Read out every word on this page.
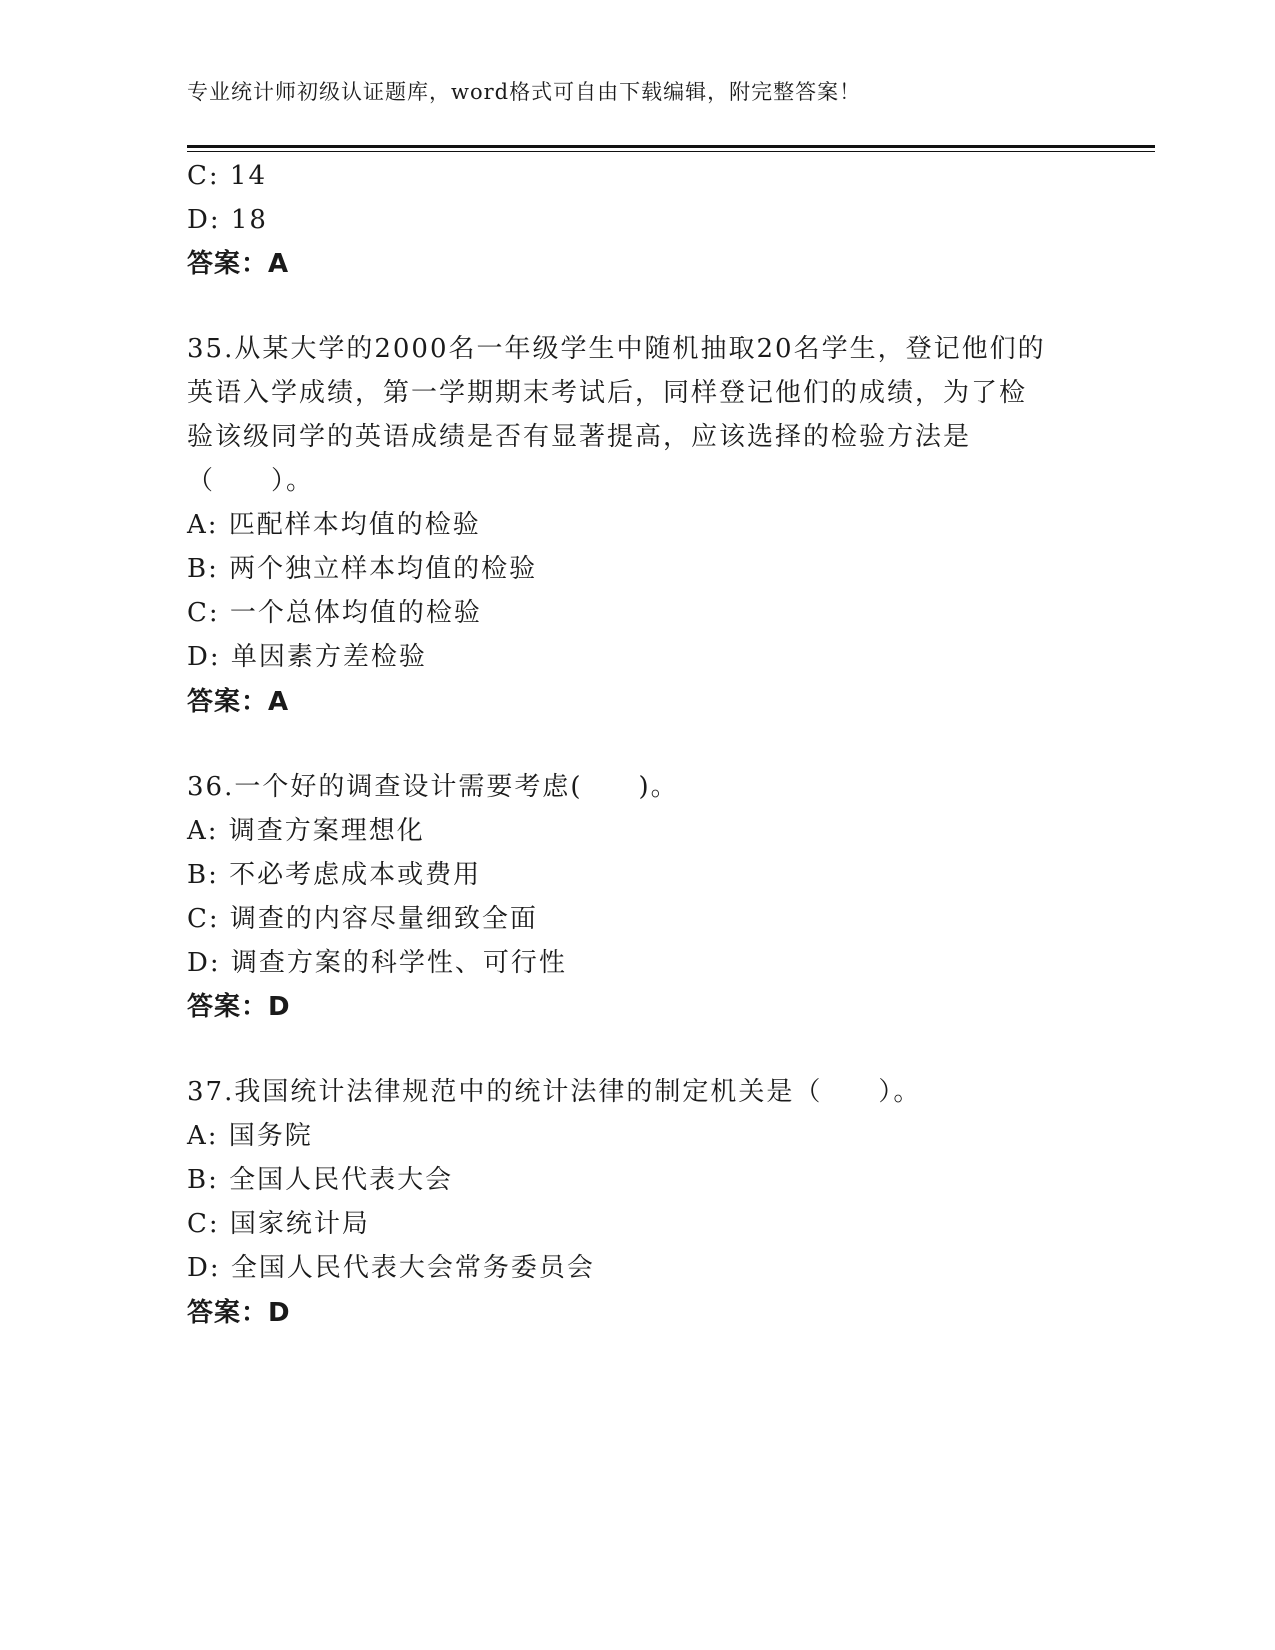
专业统计师初级认证题库，word格式可自由下载编辑，附完整答案！
C: 14
D: 18
答案：A
35.从某大学的2000名一年级学生中随机抽取20名学生，登记他们的
英语入学成绩，第一学期期末考试后，同样登记他们的成绩，为了检
验该级同学的英语成绩是否有显著提高，应该选择的检验方法是
（　　）。
A: 匹配样本均值的检验
B: 两个独立样本均值的检验
C: 一个总体均值的检验
D: 单因素方差检验
答案：A
36.一个好的调查设计需要考虑(　　)。
A: 调查方案理想化
B: 不必考虑成本或费用
C: 调查的内容尽量细致全面
D: 调查方案的科学性、可行性
答案：D
37.我国统计法律规范中的统计法律的制定机关是（　　）。
A: 国务院
B: 全国人民代表大会
C: 国家统计局
D: 全国人民代表大会常务委员会
答案：D
